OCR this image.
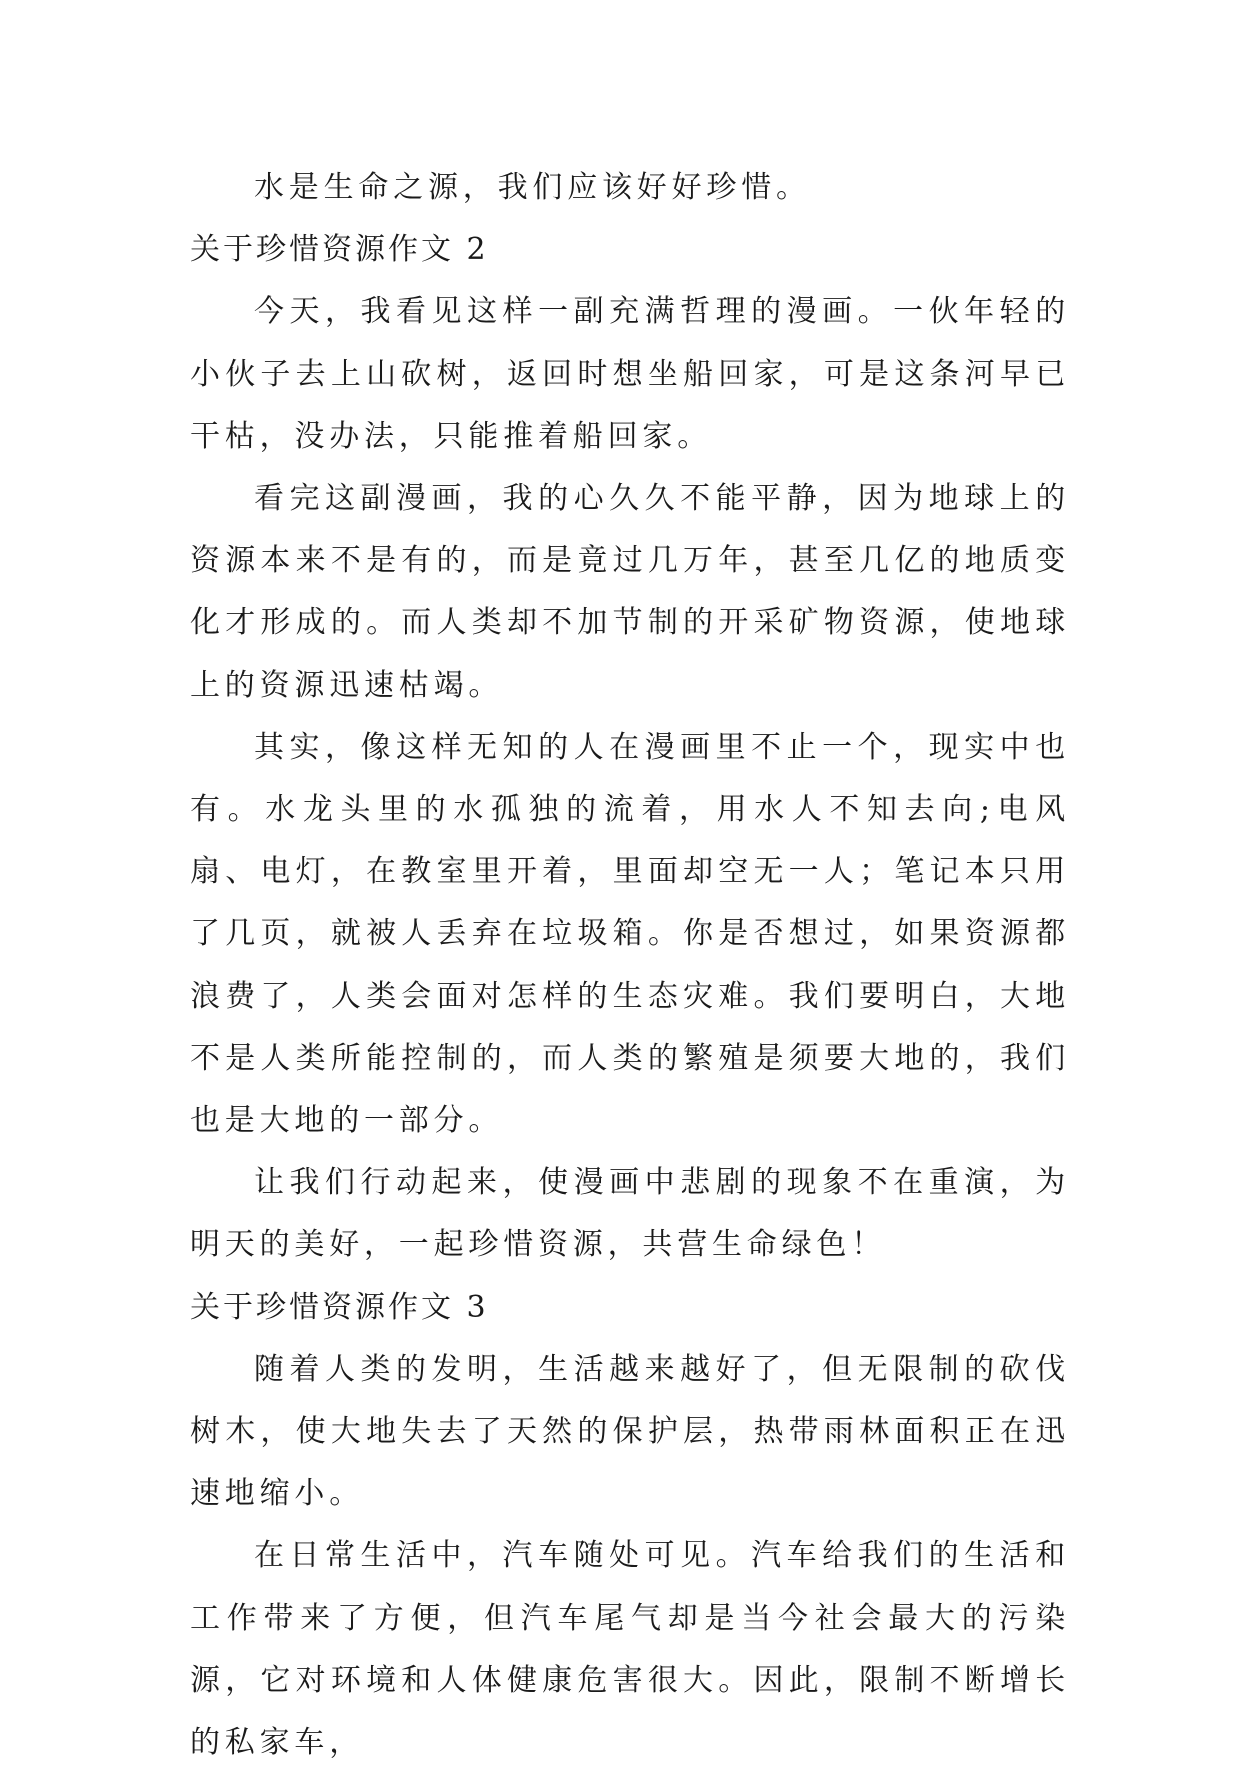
水是生命之源，我们应该好好珍惜。

关于珍惜资源作文 2

今天，我看见这样一副充满哲理的漫画。一伙年轻的小伙子去上山砍树，返回时想坐船回家，可是这条河早已干枯，没办法，只能推着船回家。

看完这副漫画，我的心久久不能平静，因为地球上的资源本来不是有的，而是竟过几万年，甚至几亿的地质变化才形成的。而人类却不加节制的开采矿物资源，使地球上的资源迅速枯竭。

其实，像这样无知的人在漫画里不止一个，现实中也有。水龙头里的水孤独的流着，用水人不知去向;电风扇、电灯，在教室里开着，里面却空无一人；笔记本只用了几页，就被人丢弃在垃圾箱。你是否想过，如果资源都浪费了，人类会面对怎样的生态灾难。我们要明白，大地不是人类所能控制的，而人类的繁殖是须要大地的，我们也是大地的一部分。

让我们行动起来，使漫画中悲剧的现象不在重演，为明天的美好，一起珍惜资源，共营生命绿色！

关于珍惜资源作文 3

随着人类的发明，生活越来越好了，但无限制的砍伐树木，使大地失去了天然的保护层，热带雨林面积正在迅速地缩小。

在日常生活中，汽车随处可见。汽车给我们的生活和工作带来了方便，但汽车尾气却是当今社会最大的污染源，它对环境和人体健康危害很大。因此，限制不断增长的私家车，
